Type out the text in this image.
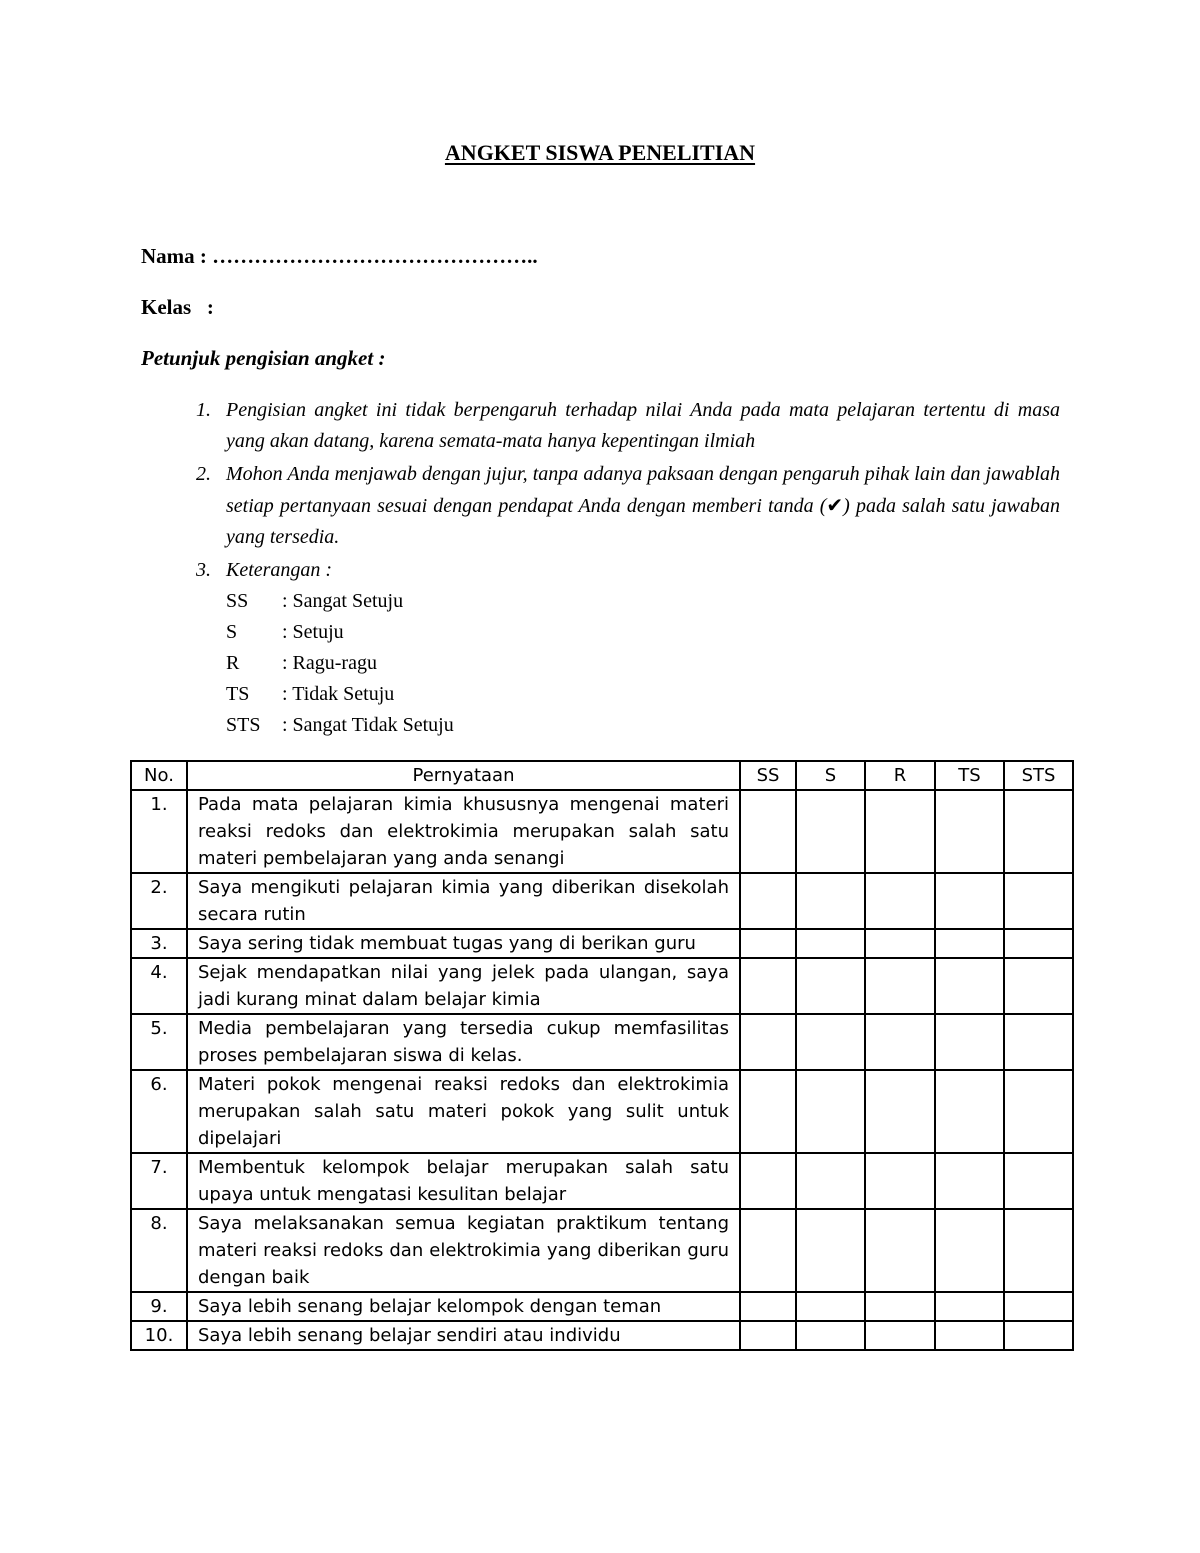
ANGKET SISWA PENELITIAN
Nama : ………………………………………..
Kelas :
Petunjuk pengisian angket :
1. Pengisian angket ini tidak berpengaruh terhadap nilai Anda pada mata pelajaran tertentu di masa yang akan datang, karena semata-mata hanya kepentingan ilmiah
2. Mohon Anda menjawab dengan jujur, tanpa adanya paksaan dengan pengaruh pihak lain dan jawablah setiap pertanyaan sesuai dengan pendapat Anda dengan memberi tanda (✔) pada salah satu jawaban yang tersedia.
3. Keterangan :
SS	: Sangat Setuju
S	: Setuju
R	: Ragu-ragu
TS	: Tidak Setuju
STS	: Sangat Tidak Setuju
No.	Pernyataan	SS	S	R	TS	STS
1.	Pada mata pelajaran kimia khususnya mengenai materi reaksi redoks dan elektrokimia merupakan salah satu materi pembelajaran yang anda senangi					
2.	Saya mengikuti pelajaran kimia yang diberikan disekolah secara rutin					
3.	Saya sering tidak membuat tugas yang di berikan guru					
4.	Sejak mendapatkan nilai yang jelek pada ulangan, saya jadi kurang minat dalam belajar kimia					
5.	Media pembelajaran yang tersedia cukup memfasilitas proses pembelajaran siswa di kelas.					
6.	Materi pokok mengenai reaksi redoks dan elektrokimia merupakan salah satu materi pokok yang sulit untuk dipelajari					
7.	Membentuk kelompok belajar merupakan salah satu upaya untuk mengatasi kesulitan belajar					
8.	Saya melaksanakan semua kegiatan praktikum tentang materi reaksi redoks dan elektrokimia yang diberikan guru dengan baik					
9.	Saya lebih senang belajar kelompok dengan teman					
10.	Saya lebih senang belajar sendiri atau individu					
